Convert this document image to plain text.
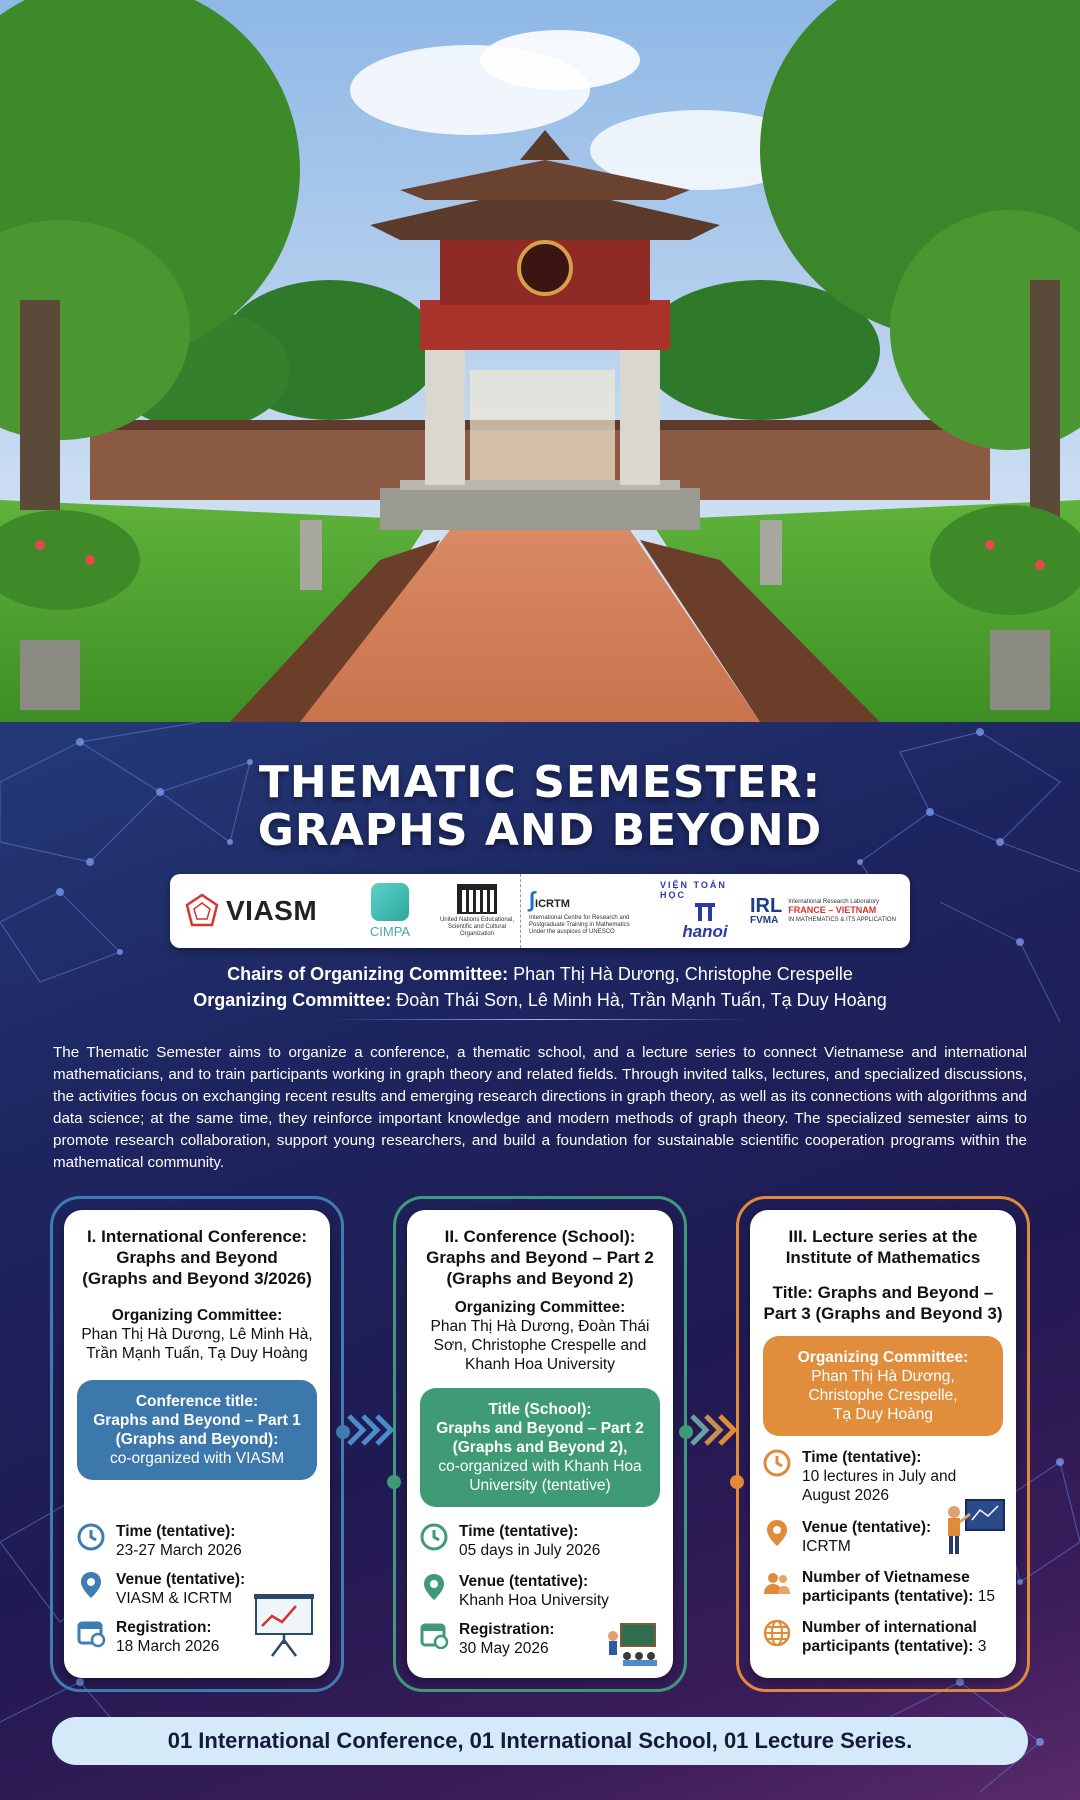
THEMATIC SEMESTER:
GRAPHS AND BEYOND
VIASM
CIMPA
United Nations Educational, Scientific and Cultural Organization
∫ICRTM
International Centre for Research and Postgraduate Training in Mathematics Under the auspices of UNESCO
VIỆN TOÁN HỌC
hanoi
IRL
FVMA
International Research Laboratory
FRANCE – VIETNAM
IN MATHEMATICS & ITS APPLICATION
Chairs of Organizing Committee: Phan Thị Hà Dương, Christophe Crespelle
Organizing Committee: Đoàn Thái Sơn, Lê Minh Hà, Trần Mạnh Tuấn, Tạ Duy Hoàng

The Thematic Semester aims to organize a conference, a thematic school, and a lecture series to connect Vietnamese and international mathematicians, and to train participants working in graph theory and related fields. Through invited talks, lectures, and specialized discussions, the activities focus on exchanging recent results and emerging research directions in graph theory, as well as its connections with algorithms and data science; at the same time, they reinforce important knowledge and modern methods of graph theory. The specialized semester aims to promote research collaboration, support young researchers, and build a foundation for sustainable scientific cooperation programs within the mathematical community.

I. International Conference:
Graphs and Beyond
(Graphs and Beyond 3/2026)
Organizing Committee:
Phan Thị Hà Dương, Lê Minh Hà,
Trần Mạnh Tuấn, Tạ Duy Hoàng
Conference title:
Graphs and Beyond – Part 1
(Graphs and Beyond):
co-organized with VIASM
Time (tentative):
23-27 March 2026
Venue (tentative):
VIASM & ICRTM
Registration:
18 March 2026
II. Conference (School):
Graphs and Beyond – Part 2
(Graphs and Beyond 2)
Organizing Committee:
Phan Thị Hà Dương, Đoàn Thái
Sơn, Christophe Crespelle and
Khanh Hoa University
Title (School):
Graphs and Beyond – Part 2
(Graphs and Beyond 2),
co-organized with Khanh Hoa
University (tentative)
Time (tentative):
05 days in July 2026
Venue (tentative):
Khanh Hoa University
Registration:
30 May 2026
III. Lecture series at the
Institute of Mathematics
Title: Graphs and Beyond –
Part 3 (Graphs and Beyond 3)
Organizing Committee:
Phan Thị Hà Dương,
Christophe Crespelle,
Tạ Duy Hoàng
Time (tentative):
10 lectures in July and
August 2026
Venue (tentative):
ICRTM
Number of Vietnamese
participants (tentative): 15
Number of international
participants (tentative): 3
01 International Conference, 01 International School, 01 Lecture Series.
